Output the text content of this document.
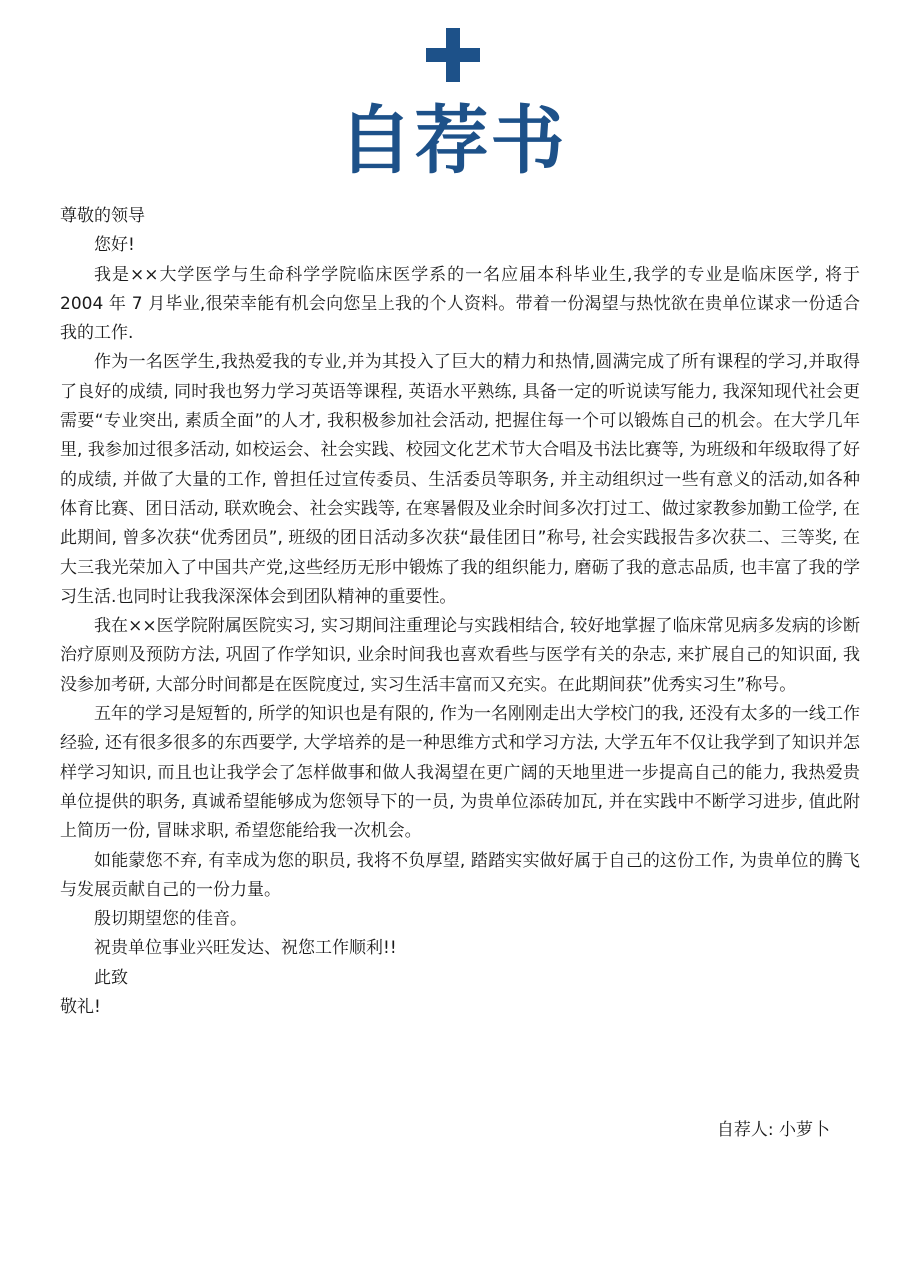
自荐书

尊敬的领导

您好!

我是××大学医学与生命科学学院临床医学系的一名应届本科毕业生,我学的专业是临床医学, 将于 2004 年 7 月毕业,很荣幸能有机会向您呈上我的个人资料。带着一份渴望与热忱欲在贵单位谋求一份适合我的工作.

作为一名医学生,我热爱我的专业,并为其投入了巨大的精力和热情,圆满完成了所有课程的学习,并取得了良好的成绩, 同时我也努力学习英语等课程, 英语水平熟练, 具备一定的听说读写能力, 我深知现代社会更需要“专业突出, 素质全面”的人才, 我积极参加社会活动, 把握住每一个可以锻炼自己的机会。在大学几年里, 我参加过很多活动, 如校运会、社会实践、校园文化艺术节大合唱及书法比赛等, 为班级和年级取得了好的成绩, 并做了大量的工作, 曾担任过宣传委员、生活委员等职务, 并主动组织过一些有意义的活动,如各种体育比赛、团日活动, 联欢晚会、社会实践等, 在寒暑假及业余时间多次打过工、做过家教参加勤工俭学, 在此期间, 曾多次获“优秀团员”, 班级的团日活动多次获“最佳团日”称号, 社会实践报告多次获二、三等奖, 在大三我光荣加入了中国共产党,这些经历无形中锻炼了我的组织能力, 磨砺了我的意志品质, 也丰富了我的学习生活.也同时让我我深深体会到团队精神的重要性。

我在××医学院附属医院实习, 实习期间注重理论与实践相结合, 较好地掌握了临床常见病多发病的诊断治疗原则及预防方法, 巩固了作学知识, 业余时间我也喜欢看些与医学有关的杂志, 来扩展自己的知识面, 我没参加考研, 大部分时间都是在医院度过, 实习生活丰富而又充实。在此期间获”优秀实习生”称号。

五年的学习是短暂的, 所学的知识也是有限的, 作为一名刚刚走出大学校门的我, 还没有太多的一线工作经验, 还有很多很多的东西要学, 大学培养的是一种思维方式和学习方法, 大学五年不仅让我学到了知识并怎样学习知识, 而且也让我学会了怎样做事和做人我渴望在更广阔的天地里进一步提高自己的能力, 我热爱贵单位提供的职务, 真诚希望能够成为您领导下的一员, 为贵单位添砖加瓦, 并在实践中不断学习进步, 值此附上简历一份, 冒昧求职, 希望您能给我一次机会。

如能蒙您不弃, 有幸成为您的职员, 我将不负厚望, 踏踏实实做好属于自己的这份工作, 为贵单位的腾飞与发展贡献自己的一份力量。

殷切期望您的佳音。

祝贵单位事业兴旺发达、祝您工作顺利!!

此致

敬礼!

自荐人: 小萝卜
